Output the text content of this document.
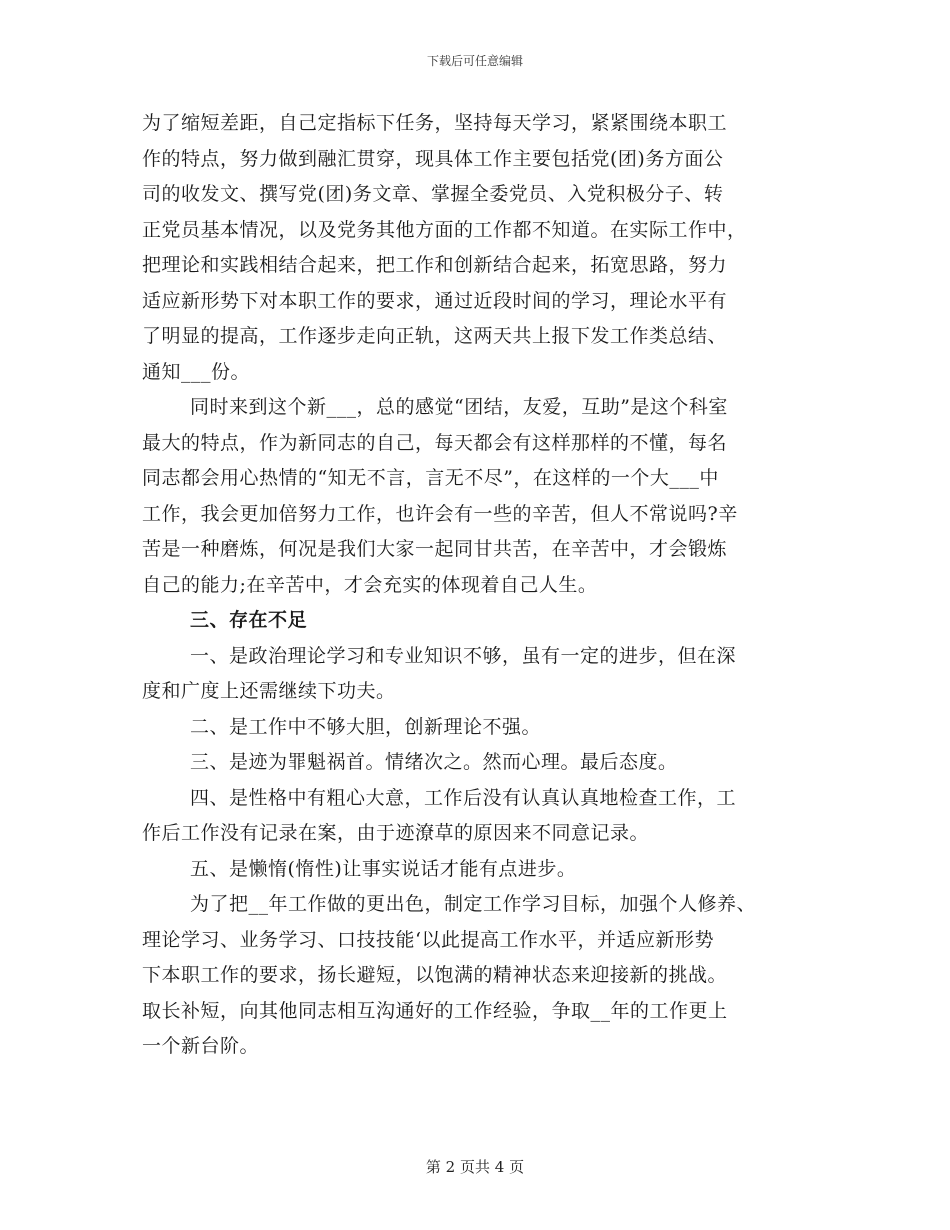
下载后可任意编辑
为了缩短差距，自己定指标下任务，坚持每天学习，紧紧围绕本职工
作的特点，努力做到融汇贯穿，现具体工作主要包括党(团)务方面公
司的收发文、撰写党(团)务文章、掌握全委党员、入党积极分子、转
正党员基本情况，以及党务其他方面的工作都不知道。在实际工作中，
把理论和实践相结合起来，把工作和创新结合起来，拓宽思路，努力
适应新形势下对本职工作的要求，通过近段时间的学习，理论水平有
了明显的提高，工作逐步走向正轨，这两天共上报下发工作类总结、
通知___份。
同时来到这个新___，总的感觉“团结，友爱，互助”是这个科室
最大的特点，作为新同志的自己，每天都会有这样那样的不懂，每名
同志都会用心热情的“知无不言，言无不尽”，在这样的一个大___中
工作，我会更加倍努力工作，也许会有一些的辛苦，但人不常说吗?辛
苦是一种磨炼，何况是我们大家一起同甘共苦，在辛苦中，才会锻炼
自己的能力;在辛苦中，才会充实的体现着自己人生。
三、存在不足
一、是政治理论学习和专业知识不够，虽有一定的进步，但在深
度和广度上还需继续下功夫。
二、是工作中不够大胆，创新理论不强。
三、是迹为罪魁祸首。情绪次之。然而心理。最后态度。
四、是性格中有粗心大意，工作后没有认真认真地检查工作，工
作后工作没有记录在案，由于迹潦草的原因来不同意记录。
五、是懒惰(惰性)让事实说话才能有点进步。
为了把__年工作做的更出色，制定工作学习目标，加强个人修养、
理论学习、业务学习、口技技能‘以此提高工作水平，并适应新形势
下本职工作的要求，扬长避短，以饱满的精神状态来迎接新的挑战。
取长补短，向其他同志相互沟通好的工作经验，争取__年的工作更上
一个新台阶。
第 2 页共 4 页
